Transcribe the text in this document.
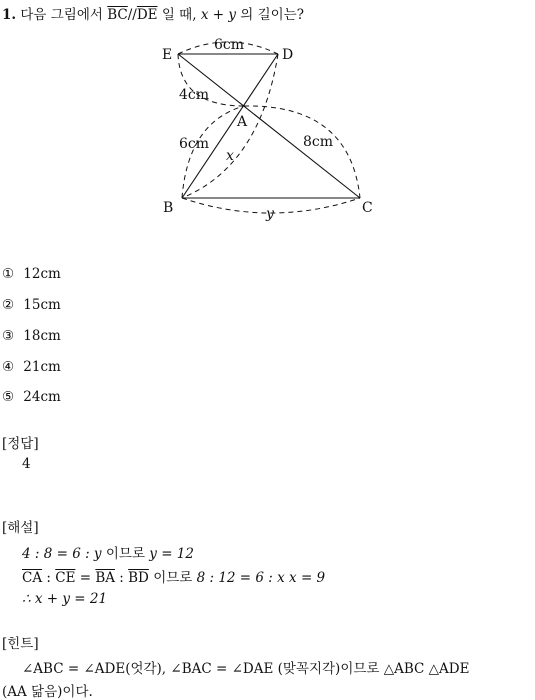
1. 다음 그림에서 $\overline{BC}//\overline{DE}$ 일 때, x + y 의 길이는?
E	D
A
B	C
6cm
4cm
6cm	8cm
x
y
① 12cm
② 15cm
③ 18cm
④ 21cm
⑤ 24cm
[정답]
4
[해설]
4 : 8 = 6 : y 이므로 y = 12
$\overline{CA}$ : $\overline{CE} = \overline{BA}$ : $\overline{BD}$ 이므로 8 : 12 = 6 : x x = 9
∴ x + y = 21
[힌트]
∠ABC = ∠ADE(엇각), ∠BAC = ∠DAE (맞꼭지각)이므로 △ABC △ADE
(AA 닮음)이다.
